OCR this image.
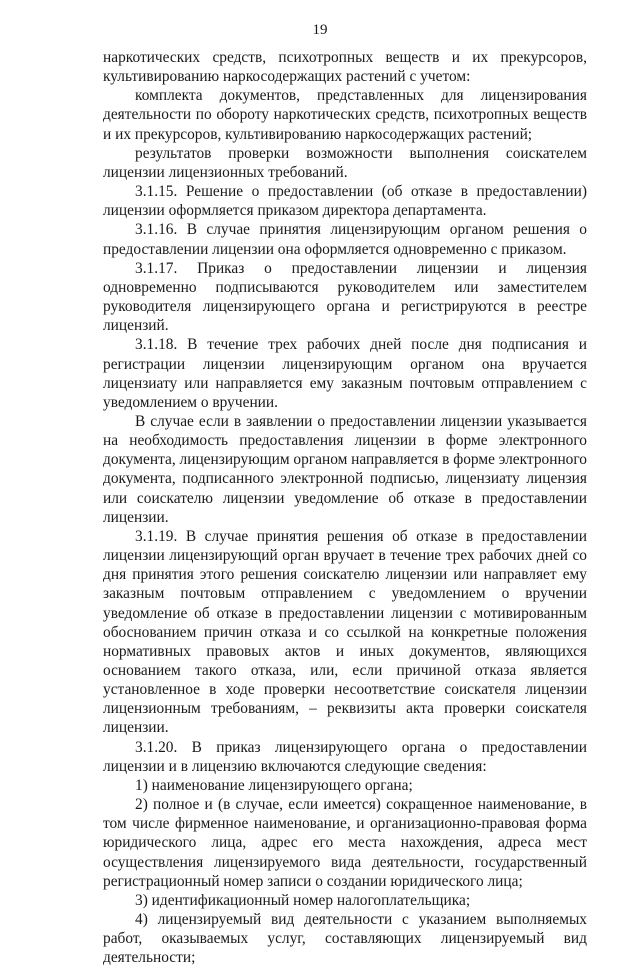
19

наркотических средств, психотропных веществ и их прекурсоров, культивированию наркосодержащих растений с учетом:

комплекта документов, представленных для лицензирования деятельности по обороту наркотических средств, психотропных веществ и их прекурсоров, культивированию наркосодержащих растений;

результатов проверки возможности выполнения соискателем лицензии лицензионных требований.

3.1.15. Решение о предоставлении (об отказе в предоставлении) лицензии оформляется приказом директора департамента.

3.1.16. В случае принятия лицензирующим органом решения о предоставлении лицензии она оформляется одновременно с приказом.

3.1.17. Приказ о предоставлении лицензии и лицензия одновременно подписываются руководителем или заместителем руководителя лицензирующего органа и регистрируются в реестре лицензий.

3.1.18. В течение трех рабочих дней после дня подписания и регистрации лицензии лицензирующим органом она вручается лицензиату или направляется ему заказным почтовым отправлением с уведомлением о вручении.

В случае если в заявлении о предоставлении лицензии указывается на необходимость предоставления лицензии в форме электронного документа, лицензирующим органом направляется в форме электронного документа, подписанного электронной подписью, лицензиату лицензия или соискателю лицензии уведомление об отказе в предоставлении лицензии.

3.1.19. В случае принятия решения об отказе в предоставлении лицензии лицензирующий орган вручает в течение трех рабочих дней со дня принятия этого решения соискателю лицензии или направляет ему заказным почтовым отправлением с уведомлением о вручении уведомление об отказе в предоставлении лицензии с мотивированным обоснованием причин отказа и со ссылкой на конкретные положения нормативных правовых актов и иных документов, являющихся основанием такого отказа, или, если причиной отказа является установленное в ходе проверки несоответствие соискателя лицензии лицензионным требованиям, – реквизиты акта проверки соискателя лицензии.

3.1.20. В приказ лицензирующего органа о предоставлении лицензии и в лицензию включаются следующие сведения:

1) наименование лицензирующего органа;

2) полное и (в случае, если имеется) сокращенное наименование, в том числе фирменное наименование, и организационно-правовая форма юридического лица, адрес его места нахождения, адреса мест осуществления лицензируемого вида деятельности, государственный регистрационный номер записи о создании юридического лица;

3) идентификационный номер налогоплательщика;

4) лицензируемый вид деятельности с указанием выполняемых работ, оказываемых услуг, составляющих лицензируемый вид деятельности;
